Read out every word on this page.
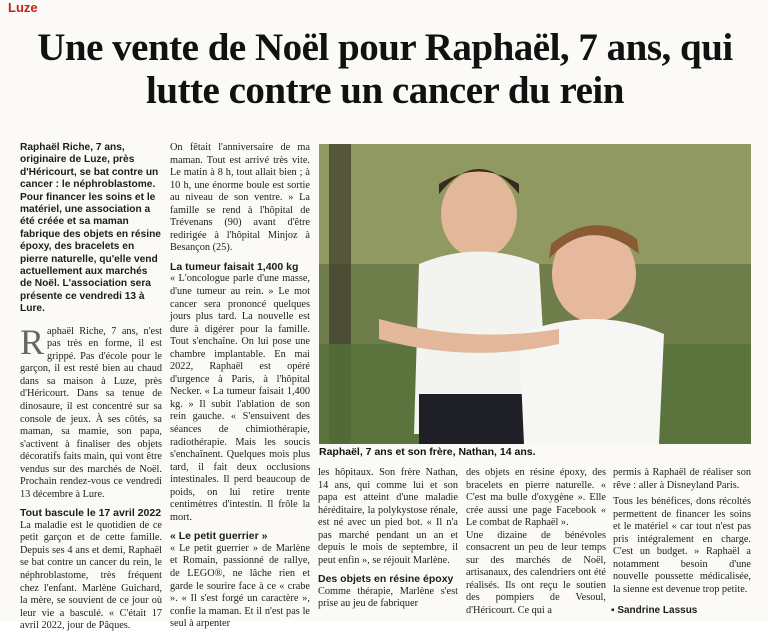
Luze
Une vente de Noël pour Raphaël, 7 ans, qui lutte contre un cancer du rein

Raphaël Riche, 7 ans, originaire de Luze, près d'Héricourt, se bat contre un cancer : le néphroblastome. Pour financer les soins et le matériel, une association a été créée et sa maman fabrique des objets en résine époxy, des bracelets en pierre naturelle, qu'elle vend actuellement aux marchés de Noël. L'association sera présente ce vendredi 13 à Lure.

Raphaël Riche, 7 ans, n'est pas très en forme, il est grippé. Pas d'école pour le garçon, il est resté bien au chaud dans sa maison à Luze, près d'Héricourt. Dans sa tenue de dinosaure, il est concentré sur sa console de jeux. À ses côtés, sa maman, sa mamie, son papa, s'activent à finaliser des objets décoratifs faits main, qui vont être vendus sur des marchés de Noël. Prochain rendez-vous ce vendredi 13 décembre à Lure.

Tout bascule le 17 avril 2022

La maladie est le quotidien de ce petit garçon et de cette famille. Depuis ses 4 ans et demi, Raphaël se bat contre un cancer du rein, le néphroblastome, très fréquent chez l'enfant. Marlène Guichard, la mère, se souvient de ce jour où leur vie a basculé. « C'était 17 avril 2022, jour de Pâques.

On fêtait l'anniversaire de ma maman. Tout est arrivé très vite. Le matin à 8 h, tout allait bien ; à 10 h, une énorme boule est sortie au niveau de son ventre. » La famille se rend à l'hôpital de Trévenans (90) avant d'être redirigée à l'hôpital Minjoz à Besançon (25).

La tumeur faisait 1,400 kg

« L'oncologue parle d'une masse, d'une tumeur au rein. » Le mot cancer sera prononcé quelques jours plus tard. La nouvelle est dure à digérer pour la famille. Tout s'enchaîne. On lui pose une chambre implantable. En mai 2022, Raphaël est opéré d'urgence à Paris, à l'hôpital Necker. « La tumeur faisait 1,400 kg. » Il subit l'ablation de son rein gauche. « S'ensuivent des séances de chimiothérapie, radiothérapie. Mais les soucis s'enchaînent. Quelques mois plus tard, il fait deux occlusions intestinales. Il perd beaucoup de poids, on lui retire trente centimètres d'intestin. Il frôle la mort.

« Le petit guerrier »

« Le petit guerrier » de Marlène et Romain, passionné de rallye, de LEGO®, ne lâche rien et garde le sourire face à ce « crabe ». « Il s'est forgé un caractère », confie la maman. Et il n'est pas le seul à arpenter

Raphaël, 7 ans et son frère, Nathan, 14 ans.

les hôpitaux. Son frère Nathan, 14 ans, qui comme lui et son papa est atteint d'une maladie héréditaire, la polykystose rénale, est né avec un pied bot. « Il n'a pas marché pendant un an et depuis le mois de septembre, il peut enfin », se réjouit Marlène.

Des objets en résine époxy

Comme thérapie, Marlène s'est prise au jeu de fabriquer

des objets en résine époxy, des bracelets en pierre naturelle. « C'est ma bulle d'oxygène ». Elle crée aussi une page Facebook « Le combat de Raphaël ».

Une dizaine de bénévoles consacrent un peu de leur temps sur des marchés de Noël, artisanaux, des calendriers ont été réalisés. Ils ont reçu le soutien des pompiers de Vesoul, d'Héricourt. Ce qui a

permis à Raphaël de réaliser son rêve : aller à Disneyland Paris.

Tous les bénéfices, dons récoltés permettent de financer les soins et le matériel « car tout n'est pas pris intégralement en charge. C'est un budget. » Raphaël a notamment besoin d'une nouvelle poussette médicalisée, la sienne est devenue trop petite.

▪ Sandrine Lassus
